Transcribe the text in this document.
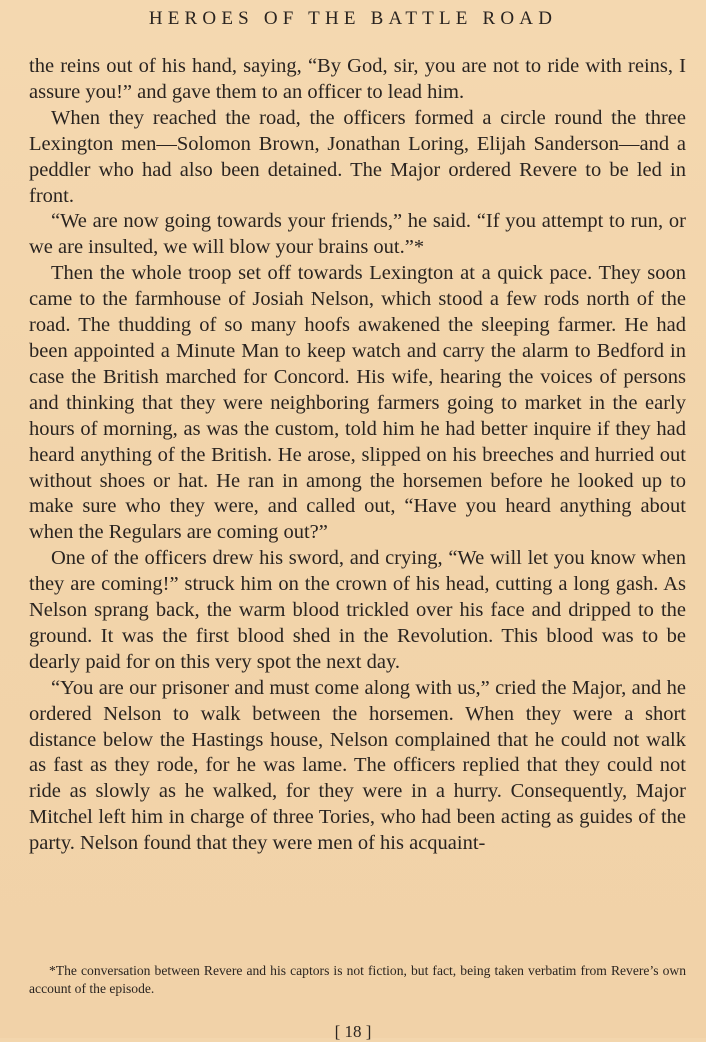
HEROES OF THE BATTLE ROAD

the reins out of his hand, saying, “By God, sir, you are not to ride with reins, I assure you!” and gave them to an officer to lead him.

When they reached the road, the officers formed a circle round the three Lexington men—Solomon Brown, Jonathan Loring, Elijah Sanderson—and a peddler who had also been detained. The Major ordered Revere to be led in front.

“We are now going towards your friends,” he said. “If you attempt to run, or we are insulted, we will blow your brains out.”*

Then the whole troop set off towards Lexington at a quick pace. They soon came to the farmhouse of Josiah Nelson, which stood a few rods north of the road. The thudding of so many hoofs awakened the sleeping farmer. He had been appointed a Minute Man to keep watch and carry the alarm to Bedford in case the British marched for Concord. His wife, hearing the voices of persons and thinking that they were neighboring farmers going to market in the early hours of morning, as was the custom, told him he had better inquire if they had heard anything of the British. He arose, slipped on his breeches and hurried out without shoes or hat. He ran in among the horsemen before he looked up to make sure who they were, and called out, “Have you heard anything about when the Regulars are coming out?”

One of the officers drew his sword, and crying, “We will let you know when they are coming!” struck him on the crown of his head, cutting a long gash. As Nelson sprang back, the warm blood trickled over his face and dripped to the ground. It was the first blood shed in the Revolution. This blood was to be dearly paid for on this very spot the next day.

“You are our prisoner and must come along with us,” cried the Major, and he ordered Nelson to walk between the horsemen. When they were a short distance below the Hastings house, Nelson complained that he could not walk as fast as they rode, for he was lame. The officers replied that they could not ride as slowly as he walked, for they were in a hurry. Consequently, Major Mitchel left him in charge of three Tories, who had been acting as guides of the party. Nelson found that they were men of his acquaint-

*The conversation between Revere and his captors is not fiction, but fact, being taken verbatim from Revere’s own account of the episode.
[ 18 ]
